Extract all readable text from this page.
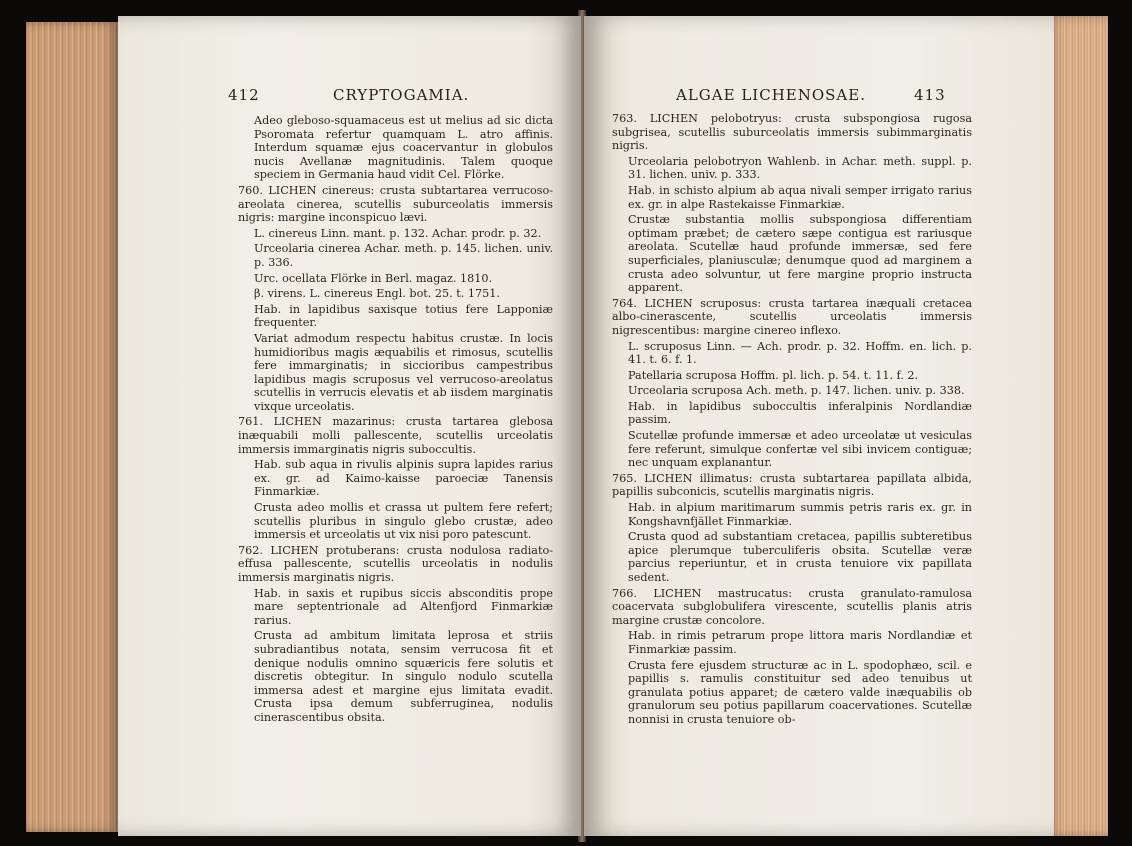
412	CRYPTOGAMIA.

Adeo gleboso-squamaceus est ut melius ad sic dicta Psoromata refertur quamquam L. atro affinis. Interdum squamæ ejus coacervantur in globulos nucis Avellanæ magnitudinis. Talem quoque speciem in Germania haud vidit Cel. Flörke.

760. LICHEN cinereus: crusta subtartarea verrucoso-areolata cinerea, scutellis suburceolatis immersis nigris: margine inconspicuo lævi.

L. cinereus Linn. mant. p. 132. Achar. prodr. p. 32.

Urceolaria cinerea Achar. meth. p. 145. lichen. univ. p. 336.

Urc. ocellata Flörke in Berl. magaz. 1810.

β. virens. L. cinereus Engl. bot. 25. t. 1751.

Hab. in lapidibus saxisque totius fere Lapponiæ frequenter.

Variat admodum respectu habitus crustæ. In locis humidioribus magis æquabilis et rimosus, scutellis fere immarginatis; in siccioribus campestribus lapidibus magis scruposus vel verrucoso-areolatus scutellis in verrucis elevatis et ab iisdem marginatis vixque urceolatis.

761. LICHEN mazarinus: crusta tartarea glebosa inæquabili molli pallescente, scutellis urceolatis immersis immarginatis nigris suboccultis.

Hab. sub aqua in rivulis alpinis supra lapides rarius ex. gr. ad Kaimo-kaisse paroeciæ Tanensis Finmarkiæ.

Crusta adeo mollis et crassa ut pultem fere refert; scutellis pluribus in singulo glebo crustæ, adeo immersis et urceolatis ut vix nisi poro patescunt.

762. LICHEN protuberans: crusta nodulosa radiato-effusa pallescente, scutellis urceolatis in nodulis immersis marginatis nigris.

Hab. in saxis et rupibus siccis absconditis prope mare septentrionale ad Altenfjord Finmarkiæ rarius.

Crusta ad ambitum limitata leprosa et striis subradiantibus notata, sensim verrucosa fit et denique nodulis omnino squæricis fere solutis et discretis obtegitur. In singulo nodulo scutella immersa adest et margine ejus limitata evadit. Crusta ipsa demum subferruginea, nodulis cinerascentibus obsita.

ALGAE LICHENOSAE.	413

763. LICHEN pelobotryus: crusta subspongiosa rugosa subgrisea, scutellis suburceolatis immersis subimmarginatis nigris.

Urceolaria pelobotryon Wahlenb. in Achar. meth. suppl. p. 31. lichen. univ. p. 333.

Hab. in schisto alpium ab aqua nivali semper irrigato rarius ex. gr. in alpe Rastekaisse Finmarkiæ.

Crustæ substantia mollis subspongiosa differentiam optimam præbet; de cætero sæpe contigua est rariusque areolata. Scutellæ haud profunde immersæ, sed fere superficiales, planiusculæ; denumque quod ad marginem a crusta adeo solvuntur, ut fere margine proprio instructa apparent.

764. LICHEN scruposus: crusta tartarea inæquali cretacea albo-cinerascente, scutellis urceolatis immersis nigrescentibus: margine cinereo inflexo.

L. scruposus Linn. — Ach. prodr. p. 32. Hoffm. en. lich. p. 41. t. 6. f. 1.

Patellaria scruposa Hoffm. pl. lich. p. 54. t. 11. f. 2.

Urceolaria scruposa Ach. meth. p. 147. lichen. univ. p. 338.

Hab. in lapidibus suboccultis inferalpinis Nordlandiæ passim.

Scutellæ profunde immersæ et adeo urceolatæ ut vesiculas fere referunt, simulque confertæ vel sibi invicem contiguæ; nec unquam explanantur.

765. LICHEN illimatus: crusta subtartarea papillata albida, papillis subconicis, scutellis marginatis nigris.

Hab. in alpium maritimarum summis petris raris ex. gr. in Kongshavnfjället Finmarkiæ.

Crusta quod ad substantiam cretacea, papillis subteretibus apice plerumque tuberculiferis obsita. Scutellæ veræ parcius reperiuntur, et in crusta tenuiore vix papillata sedent.

766. LICHEN mastrucatus: crusta granulato-ramulosa coacervata subglobulifera virescente, scutellis planis atris margine crustæ concolore.

Hab. in rimis petrarum prope littora maris Nordlandiæ et Finmarkiæ passim.

Crusta fere ejusdem structuræ ac in L. spodophæo, scil. e papillis s. ramulis constituitur sed adeo tenuibus ut granulata potius apparet; de cætero valde inæquabilis ob granulorum seu potius papillarum coacervationes. Scutellæ nonnisi in crusta tenuiore ob-
